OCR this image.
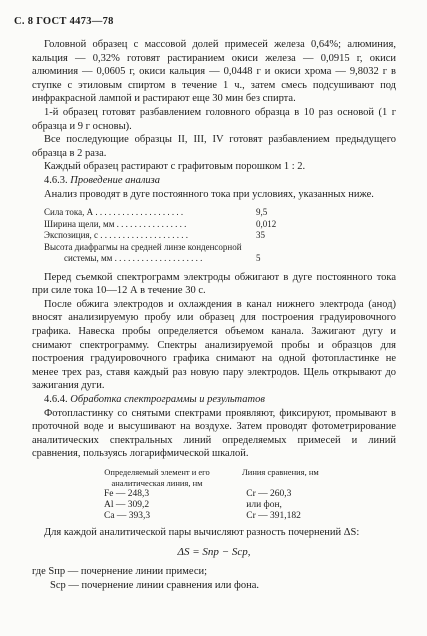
С. 8 ГОСТ 4473—78

Головной образец с массовой долей примесей железа 0,64%; алюминия, кальция — 0,32% готовят растиранием окиси железа — 0,0915 г, окиси алюминия — 0,0605 г, окиси кальция — 0,0448 г и окиси хрома — 9,8032 г в ступке с этиловым спиртом в течение 1 ч., затем смесь подсушивают под инфракрасной лампой и растирают еще 30 мин без спирта.

1-й образец готовят разбавлением головного образца в 10 раз основой (1 г образца и 9 г основы).

Все последующие образцы II, III, IV готовят разбавлением предыдущего образца в 2 раза.

Каждый образец растирают с графитовым порошком 1 : 2.

4.6.3. Проведение анализа

Анализ проводят в дуге постоянного тока при условиях, указанных ниже.

Сила тока, А . . . . . . . . . . . . . . . . . . . .	9,5
Ширина щели, мм . . . . . . . . . . . . . . . .	0,012
Экспозиция, с . . . . . . . . . . . . . . . . . . . .	35
Высота диафрагмы на средней линзе конденсорной
системы, мм . . . . . . . . . . . . . . . . . . . .	5

Перед съемкой спектрограмм электроды обжигают в дуге постоянного тока при силе тока 10—12 А в течение 30 с.

После обжига электродов и охлаждения в канал нижнего электрода (анод) вносят анализируемую пробу или образец для построения градуировочного графика. Навеска пробы определяется объемом канала. Зажигают дугу и снимают спектрограмму. Спектры анализируемой пробы и образцов для построения градуировочного графика снимают на одной фотопластинке не менее трех раз, ставя каждый раз новую пару электродов. Щель открывают до зажигания дуги.

4.6.4. Обработка спектрограммы и результатов

Фотопластинку со снятыми спектрами проявляют, фиксируют, промывают в проточной воде и высушивают на воздухе. Затем проводят фотометрирование аналитических спектральных линий определяемых примесей и линий сравнения, пользуясь логарифмической шкалой.

Определяемый элемент и его аналитическая линия, нм
Линия сравнения, нм
Fe — 248,3	Cr — 260,3
Al — 309,2	или фон,
Ca — 393,3	Cr — 391,182

Для каждой аналитической пары вычисляют разность почернений ΔS:

ΔS = Sпр − Sср,

где Sпр — почернение линии примеси;
Sср — почернение линии сравнения или фона.
